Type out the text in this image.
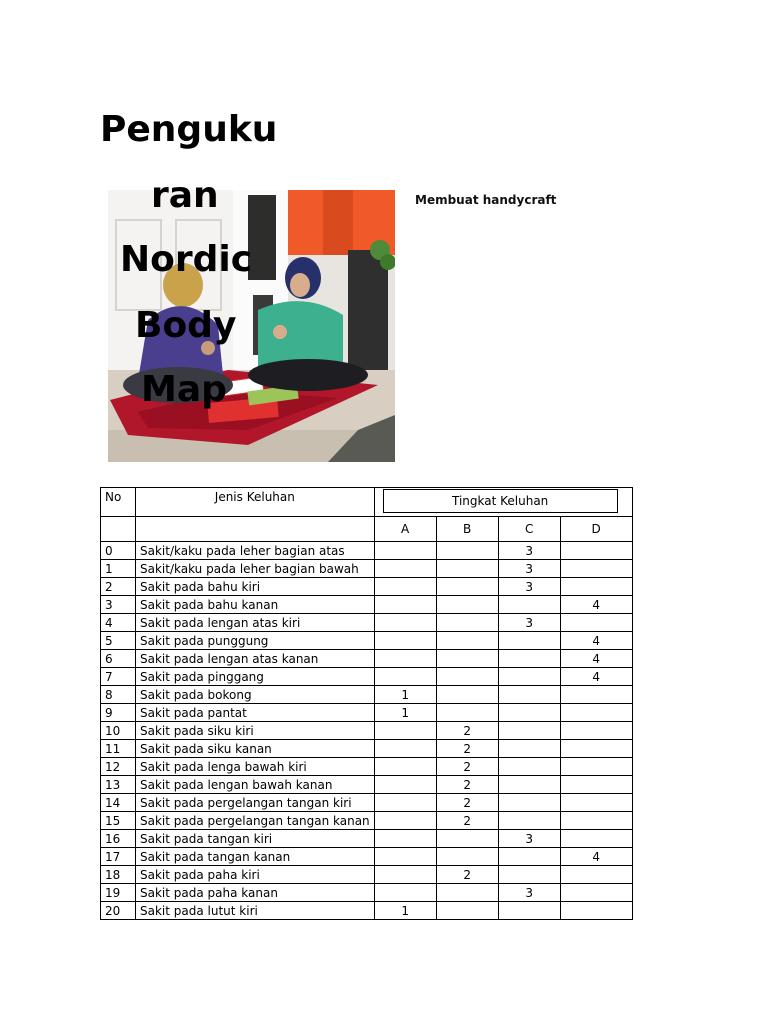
Penguku
ran
Nordic
Body
Map
Membuat handycraft
No	Jenis Keluhan	Tingkat Keluhan			

		A	B	C	D
0	Sakit/kaku pada leher bagian atas			3	
1	Sakit/kaku pada leher bagian bawah			3	
2	Sakit pada bahu kiri			3	
3	Sakit pada bahu kanan				4
4	Sakit pada lengan atas kiri			3	
5	Sakit pada punggung				4
6	Sakit pada lengan atas kanan				4
7	Sakit pada pinggang				4
8	Sakit pada bokong	1			
9	Sakit pada pantat	1			
10	Sakit pada siku kiri		2		
11	Sakit pada siku kanan		2		
12	Sakit pada lenga bawah kiri		2		
13	Sakit pada lengan bawah kanan		2		
14	Sakit pada pergelangan tangan kiri		2		
15	Sakit pada pergelangan tangan kanan		2		
16	Sakit pada tangan kiri			3	
17	Sakit pada tangan kanan				4
18	Sakit pada paha kiri		2		
19	Sakit pada paha kanan			3	
20	Sakit pada lutut kiri	1			
